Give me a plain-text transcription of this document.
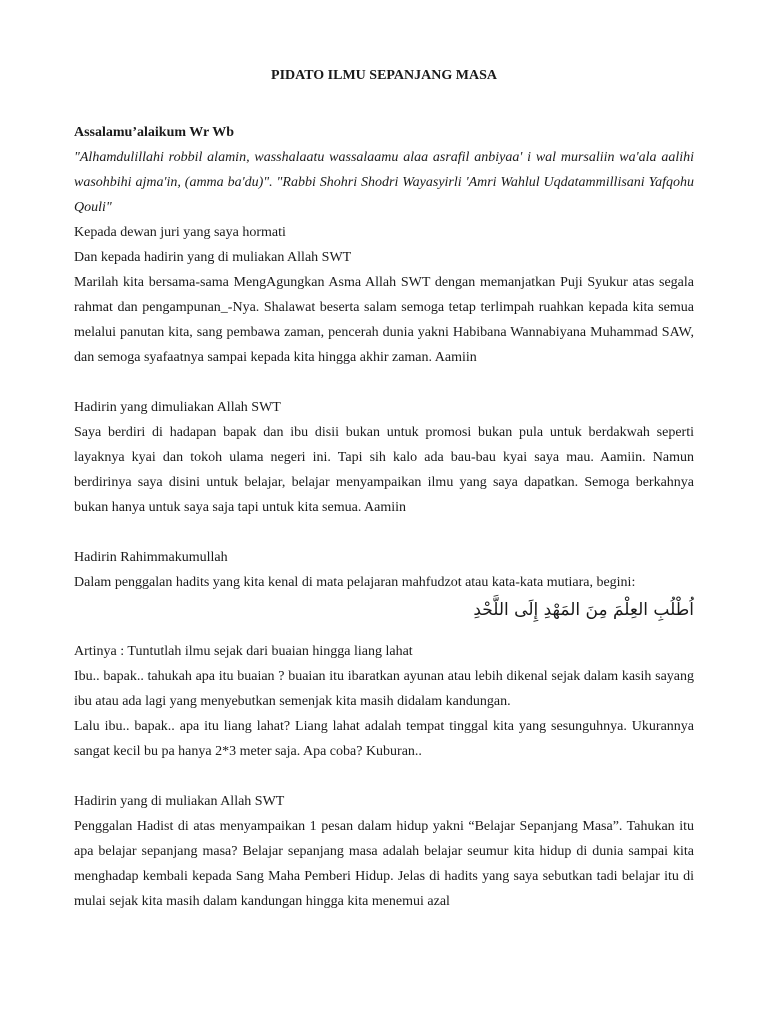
PIDATO ILMU SEPANJANG MASA

Assalamu’alaikum Wr Wb

"Alhamdulillahi robbil alamin, wasshalaatu wassalaamu alaa asrafil anbiyaa' i wal mursaliin wa'ala aalihi wasohbihi ajma'in, (amma ba'du)". "Rabbi Shohri Shodri Wayasyirli 'Amri Wahlul Uqdatammillisani Yafqohu Qouli"

Kepada dewan juri yang saya hormati

Dan kepada hadirin yang di muliakan Allah SWT

Marilah kita bersama-sama MengAgungkan Asma Allah SWT dengan memanjatkan Puji Syukur atas segala rahmat dan pengampunan_-Nya. Shalawat beserta salam semoga tetap terlimpah ruahkan kepada kita semua melalui panutan kita, sang pembawa zaman, pencerah dunia yakni Habibana Wannabiyana Muhammad SAW, dan semoga syafaatnya sampai kepada kita hingga akhir zaman. Aamiin

Hadirin yang dimuliakan Allah SWT

Saya berdiri di hadapan bapak dan ibu disii bukan untuk promosi bukan pula untuk berdakwah seperti layaknya kyai dan tokoh ulama negeri ini. Tapi sih kalo ada bau-bau kyai saya mau. Aamiin. Namun berdirinya saya disini untuk belajar, belajar menyampaikan ilmu yang saya dapatkan. Semoga berkahnya bukan hanya untuk saya saja tapi untuk kita semua. Aamiin

Hadirin Rahimmakumullah

Dalam penggalan hadits yang kita kenal di mata pelajaran mahfudzot atau kata-kata mutiara, begini:

اُطْلُبِ العِلْمَ مِنَ المَهْدِ إِلَى اللَّحْدِ

Artinya : Tuntutlah ilmu sejak dari buaian hingga liang lahat

Ibu.. bapak.. tahukah apa itu buaian ? buaian itu ibaratkan ayunan atau lebih dikenal sejak dalam kasih sayang ibu atau ada lagi yang menyebutkan semenjak kita masih didalam kandungan.

Lalu ibu.. bapak.. apa itu liang lahat? Liang lahat adalah tempat tinggal kita yang sesunguhnya. Ukurannya sangat kecil bu pa hanya 2*3 meter saja. Apa coba? Kuburan..

Hadirin yang di muliakan Allah SWT

Penggalan Hadist di atas menyampaikan 1 pesan dalam hidup yakni “Belajar Sepanjang Masa”. Tahukan itu apa belajar sepanjang masa? Belajar sepanjang masa adalah belajar seumur kita hidup di dunia sampai kita menghadap kembali kepada Sang Maha Pemberi Hidup. Jelas di hadits yang saya sebutkan tadi belajar itu di mulai sejak kita masih dalam kandungan hingga kita menemui azal
